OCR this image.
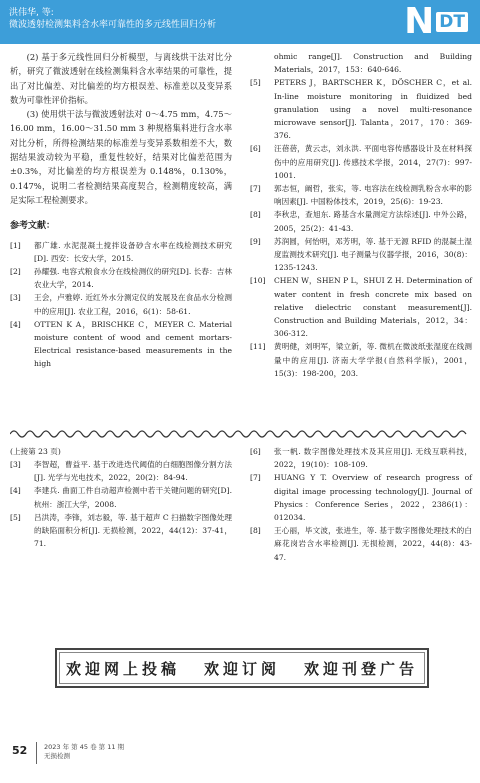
洪伟华, 等:
微波透射检测集料含水率可靠性的多元线性回归分析	N DT

(2) 基于多元线性回归分析模型，与离线烘干法对比分析，研究了微波透射在线检测集料含水率结果的可靠性，提出了对比偏差、对比偏差的均方根误差、标准差以及变异系数为可靠性评价指标。

(3) 使用烘干法与微波透射法对 0～4.75 mm，4.75～16.00 mm，16.00～31.50 mm 3 种规格集料进行含水率对比分析，所得检测结果的标准差与变异系数相差不大，数据结果波动较为平稳，重复性较好，结果对比偏差范围为±0.3%，对比偏差的均方根误差为 0.148%，0.130%，0.147%，说明二者检测结果高度契合，检测精度较高，满足实际工程检测要求。

参考文献：
[1]	都广雄. 水泥混凝土搅拌设备砂含水率在线检测技术研究[D]. 西安：长安大学，2015.
[2]	孙耀强. 电容式粮食水分在线检测仪的研究[D]. 长春：吉林农业大学，2014.
[3]	王会，卢雅婷. 近红外水分测定仪的发展及在食品水分检测中的应用[J]. 农业工程，2016，6(1)：58-61.
[4]	OTTEN K A，BRISCHKE C，MEYER C. Material moisture content of wood and cement mortars-Electrical resistance-based measurements in the high
ohmic range[J]. Construction and Building Materials，2017，153：640-646.
[5]	PETERS J，BARTSCHER K，DÖSCHER C，et al. In-line moisture monitoring in fluidized bed granulation using a novel multi-resonance microwave sensor[J]. Talanta，2017，170：369-376.
[6]	汪蓓蓓，黄云志，刘永洪. 平面电容传感器设计及在材料探伤中的应用研究[J]. 传感技术学报，2014，27(7)：997-1001.
[7]	郭志恒，阚哲，张实，等. 电容法在线检测乳粉含水率的影响因素[J]. 中国粉体技术，2019，25(6)：19-23.
[8]	李秋忠，查旭东. 路基含水量测定方法综述[J]. 中外公路，2005，25(2)：41-43.
[9]	苏润圆，何怡明，邓芳明，等. 基于无源 RFID 的混凝土湿度监测技术研究[J]. 电子测量与仪器学报，2016，30(8)：1235-1243.
[10]	CHEN W，SHEN P L，SHUI Z H. Determination of water content in fresh concrete mix based on relative dielectric constant measurement[J]. Construction and Building Materials，2012，34：306-312.
[11]	黄明健，刘明军，梁立新，等. 微机在微波纸张湿度在线测量中的应用[J]. 济南大学学报(自然科学版)，2001，15(3)：198-200，203.
(上接第 23 页)
[3]	李智超，曹益平. 基于改进迭代阈值的白细胞图像分割方法[J]. 光学与光电技术，2022，20(2)：84-94.
[4]	李建兵. 曲面工件自动超声检测中若干关键问题的研究[D]. 杭州：浙江大学，2008.
[5]	吕洪涛，李锋，刘志毅，等. 基于超声 C 扫描数字图像处理的缺陷面积分析[J]. 无损检测，2022，44(12)：37-41，71.
[6]	张一帆. 数字图像处理技术及其应用[J]. 无线互联科技，2022，19(10)：108-109.
[7]	HUANG Y T. Overview of research progress of digital image processing technology[J]. Journal of Physics：Conference Series，2022，2386(1)：012034.
[8]	王心丽，毕文波，张进生，等. 基于数字图像处理技术的白麻花岗岩含水率检测[J]. 无损检测，2022，44(8)：43-47.
欢迎网上投稿 欢迎订阅 欢迎刊登广告
52	2023 年 第 45 卷 第 11 期
无损检测
